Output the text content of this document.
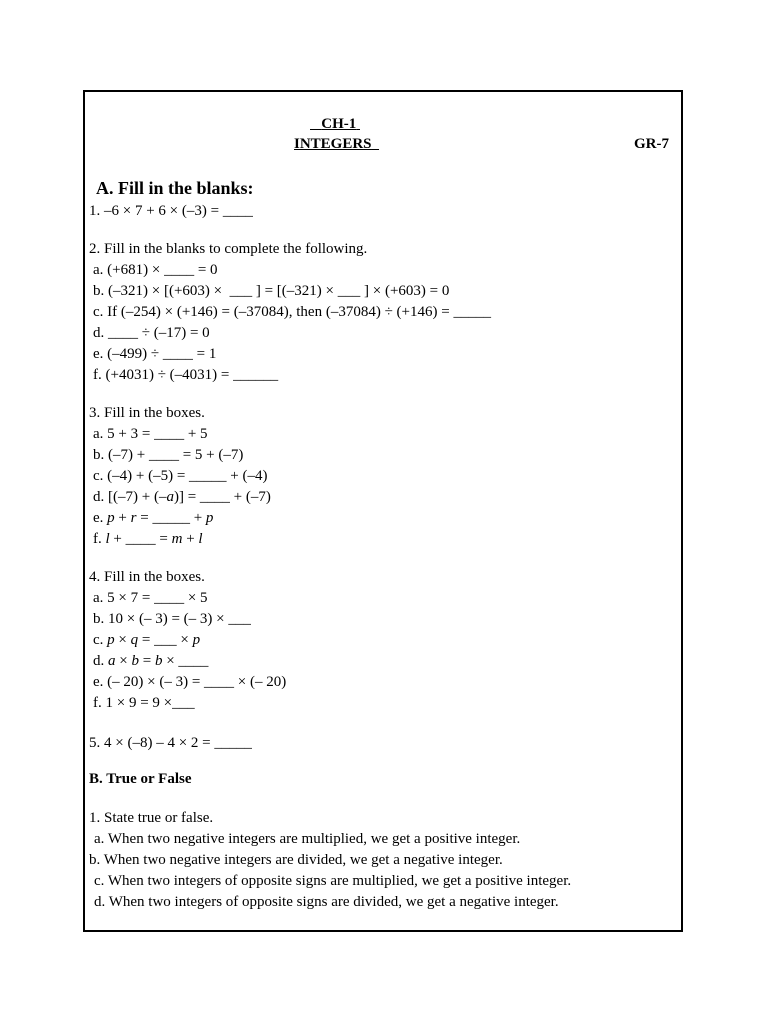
CH-1
INTEGERS	GR-7
A. Fill in the blanks:
1. –6 × 7 + 6 × (–3) = ____
2. Fill in the blanks to complete the following.
a. (+681) × ____ = 0
b. (–321) × [(+603) ×  ___ ] = [(–321) × ___ ] × (+603) = 0
c. If (–254) × (+146) = (–37084), then (–37084) ÷ (+146) = _____
d. ____ ÷ (–17) = 0
e. (–499) ÷ ____ = 1
f. (+4031) ÷ (–4031) = ______
3. Fill in the boxes.
a. 5 + 3 = ____ + 5
b. (–7) + ____ = 5 + (–7)
c. (–4) + (–5) = _____ + (–4)
d. [(–7) + (–a)] = ____ + (–7)
e. p + r = _____ + p
f. l + ____ = m + l
4. Fill in the boxes.
a. 5 × 7 = ____ × 5
b. 10 × (– 3) = (– 3) × ___
c. p × q = ___ × p
d. a × b = b × ____
e. (– 20) × (– 3) = ____ × (– 20)
f. 1 × 9 = 9 ×___
5. 4 × (–8) – 4 × 2 = _____
B. True or False
1. State true or false.
a. When two negative integers are multiplied, we get a positive integer.
b. When two negative integers are divided, we get a negative integer.
c. When two integers of opposite signs are multiplied, we get a positive integer.
d. When two integers of opposite signs are divided, we get a negative integer.
